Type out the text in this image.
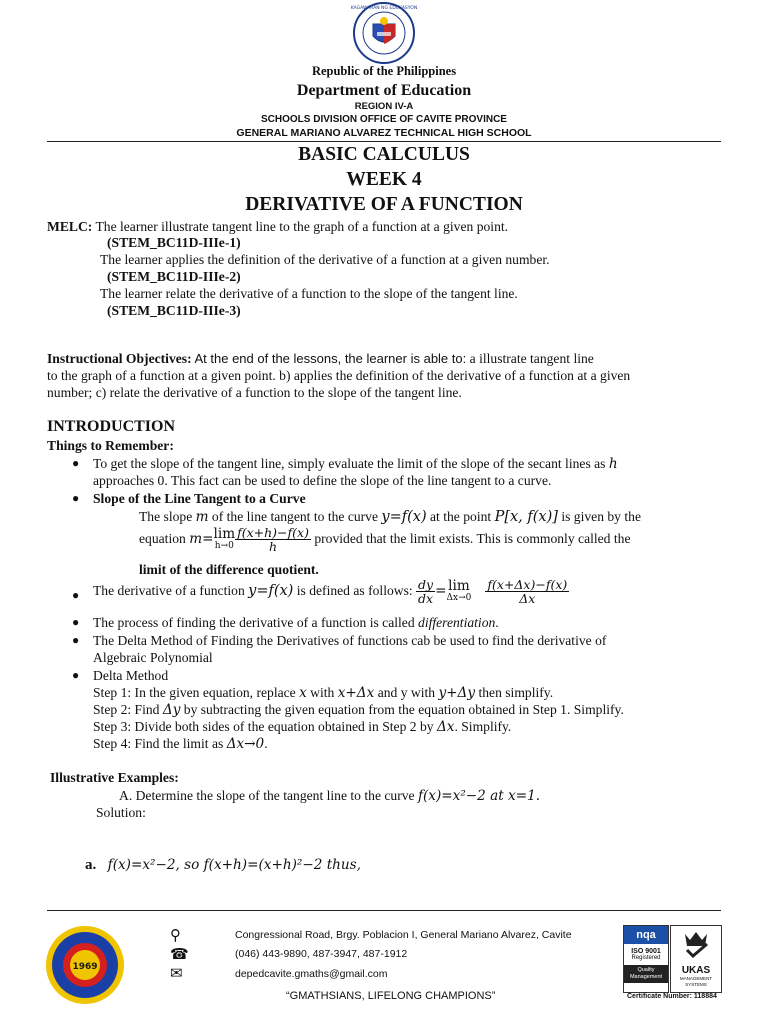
KAGAWARAN NG EDUKASYON
Republic of the Philippines
Department of Education
REGION IV-A
SCHOOLS DIVISION OFFICE OF CAVITE PROVINCE
GENERAL MARIANO ALVAREZ TECHNICAL HIGH SCHOOL
BASIC CALCULUS
WEEK 4
DERIVATIVE OF A FUNCTION
MELC: The learner illustrate tangent line to the graph of a function at a given point.
(STEM_BC11D-IIIe-1)
The learner applies the definition of the derivative of a function at a given number.
(STEM_BC11D-IIIe-2)
The learner relate the derivative of a function to the slope of the tangent line.
(STEM_BC11D-IIIe-3)
Instructional Objectives: At the end of the lessons, the learner is able to: a illustrate tangent line
to the graph of a function at a given point. b) applies the definition of the derivative of a function at a given
number; c) relate the derivative of a function to the slope of the tangent line.
INTRODUCTION
Things to Remember:
● To get the slope of the tangent line, simply evaluate the limit of the slope of the secant lines as h
approaches 0. This fact can be used to define the slope of the line tangent to a curve.
● Slope of the Line Tangent to a Curve
The slope m of the line tangent to the curve y=f(x) at the point P[x, f(x)] is given by the
equation m=lim
$h\to 0 \frac{f(x+h)-f(x)}{h}$ provided that the limit exists. This is commonly called the
limit of the difference quotient.
● The derivative of a function y=f(x) is defined as follows: $\frac{dy}{dx} = \lim$
$\Delta x\to 0 \frac{f(x+\Delta x)-f(x)}{\Delta x}$
● The process of finding the derivative of a function is called differentiation.
● The Delta Method of Finding the Derivatives of functions cab be used to find the derivative of
Algebraic Polynomial
● Delta Method
Step 1: In the given equation, replace x with x+Δx and y with y+Δy then simplify.
Step 2: Find Δy by subtracting the given equation from the equation obtained in Step 1. Simplify.
Step 3: Divide both sides of the equation obtained in Step 2 by Δx. Simplify.
Step 4: Find the limit as Δx→0.
Illustrative Examples:
A. Determine the slope of the tangent line to the curve f(x)=x²−2 at x=1.
Solution:
a. f(x)=x²−2, so f(x+h)=(x+h)²−2 thus,
1969
⚲
☎
✉
Congressional Road, Brgy. Poblacion I, General Mariano Alvarez, Cavite
(046) 443-9890, 487-3947, 487-1912
depedcavite.gmaths@gmail.com
“GMATHSIANS, LIFELONG CHAMPIONS”
nqa
ISO 9001
Registered
Quality Management
UKAS
MANAGEMENT SYSTEMS
Certificate Number: 118884
